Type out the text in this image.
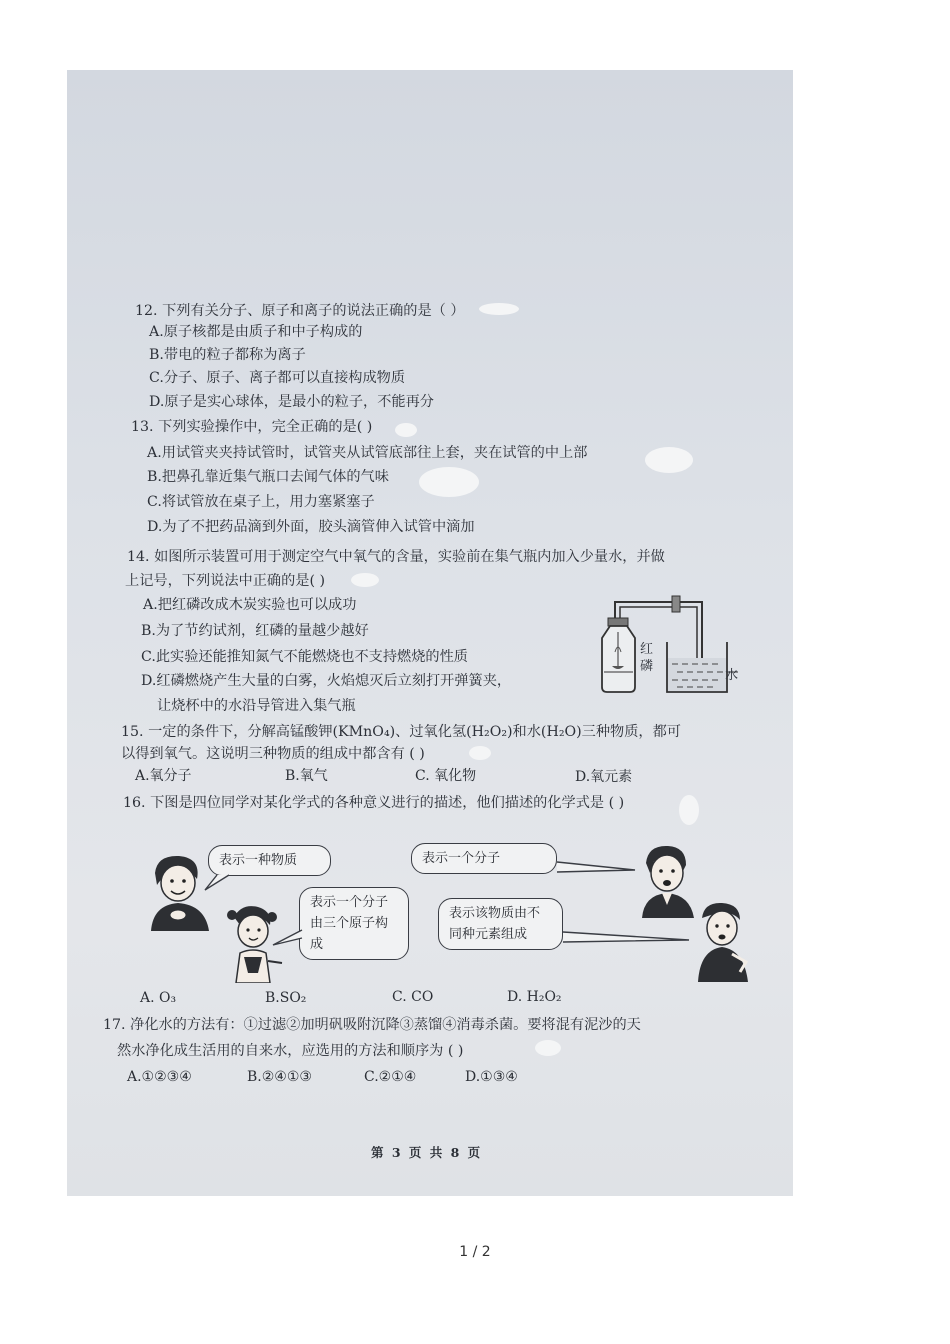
12. 下列有关分子、原子和离子的说法正确的是（ ）
A.原子核都是由质子和中子构成的
B.带电的粒子都称为离子
C.分子、原子、离子都可以直接构成物质
D.原子是实心球体，是最小的粒子，不能再分
13. 下列实验操作中，完全正确的是( )
A.用试管夹夹持试管时，试管夹从试管底部往上套，夹在试管的中上部
B.把鼻孔靠近集气瓶口去闻气体的气味
C.将试管放在桌子上，用力塞紧塞子
D.为了不把药品滴到外面，胶头滴管伸入试管中滴加
14. 如图所示装置可用于测定空气中氧气的含量，实验前在集气瓶内加入少量水，并做
上记号，下列说法中正确的是( )
A.把红磷改成木炭实验也可以成功
B.为了节约试剂，红磷的量越少越好
C.此实验还能推知氮气不能燃烧也不支持燃烧的性质
D.红磷燃烧产生大量的白雾，火焰熄灭后立刻打开弹簧夹，
让烧杯中的水沿导管进入集气瓶
红
磷
水
15. 一定的条件下，分解高锰酸钾(KMnO₄)、过氧化氢(H₂O₂)和水(H₂O)三种物质，都可
以得到氧气。这说明三种物质的组成中都含有 ( )
A.氧分子	B.氧气	C. 氧化物	D.氧元素
16. 下图是四位同学对某化学式的各种意义进行的描述，他们描述的化学式是 ( )
表示一种物质	表示一个分子
表示一个分子由三个原子构成
表示该物质由不同种元素组成
A. O₃	B.SO₂	C. CO	D. H₂O₂
17. 净化水的方法有：①过滤②加明矾吸附沉降③蒸馏④消毒杀菌。要将混有泥沙的天
然水净化成生活用的自来水，应选用的方法和顺序为 ( )
A.①②③④	B.②④①③	C.②①④	D.①③④
第 3 页 共 8 页
1 / 2
